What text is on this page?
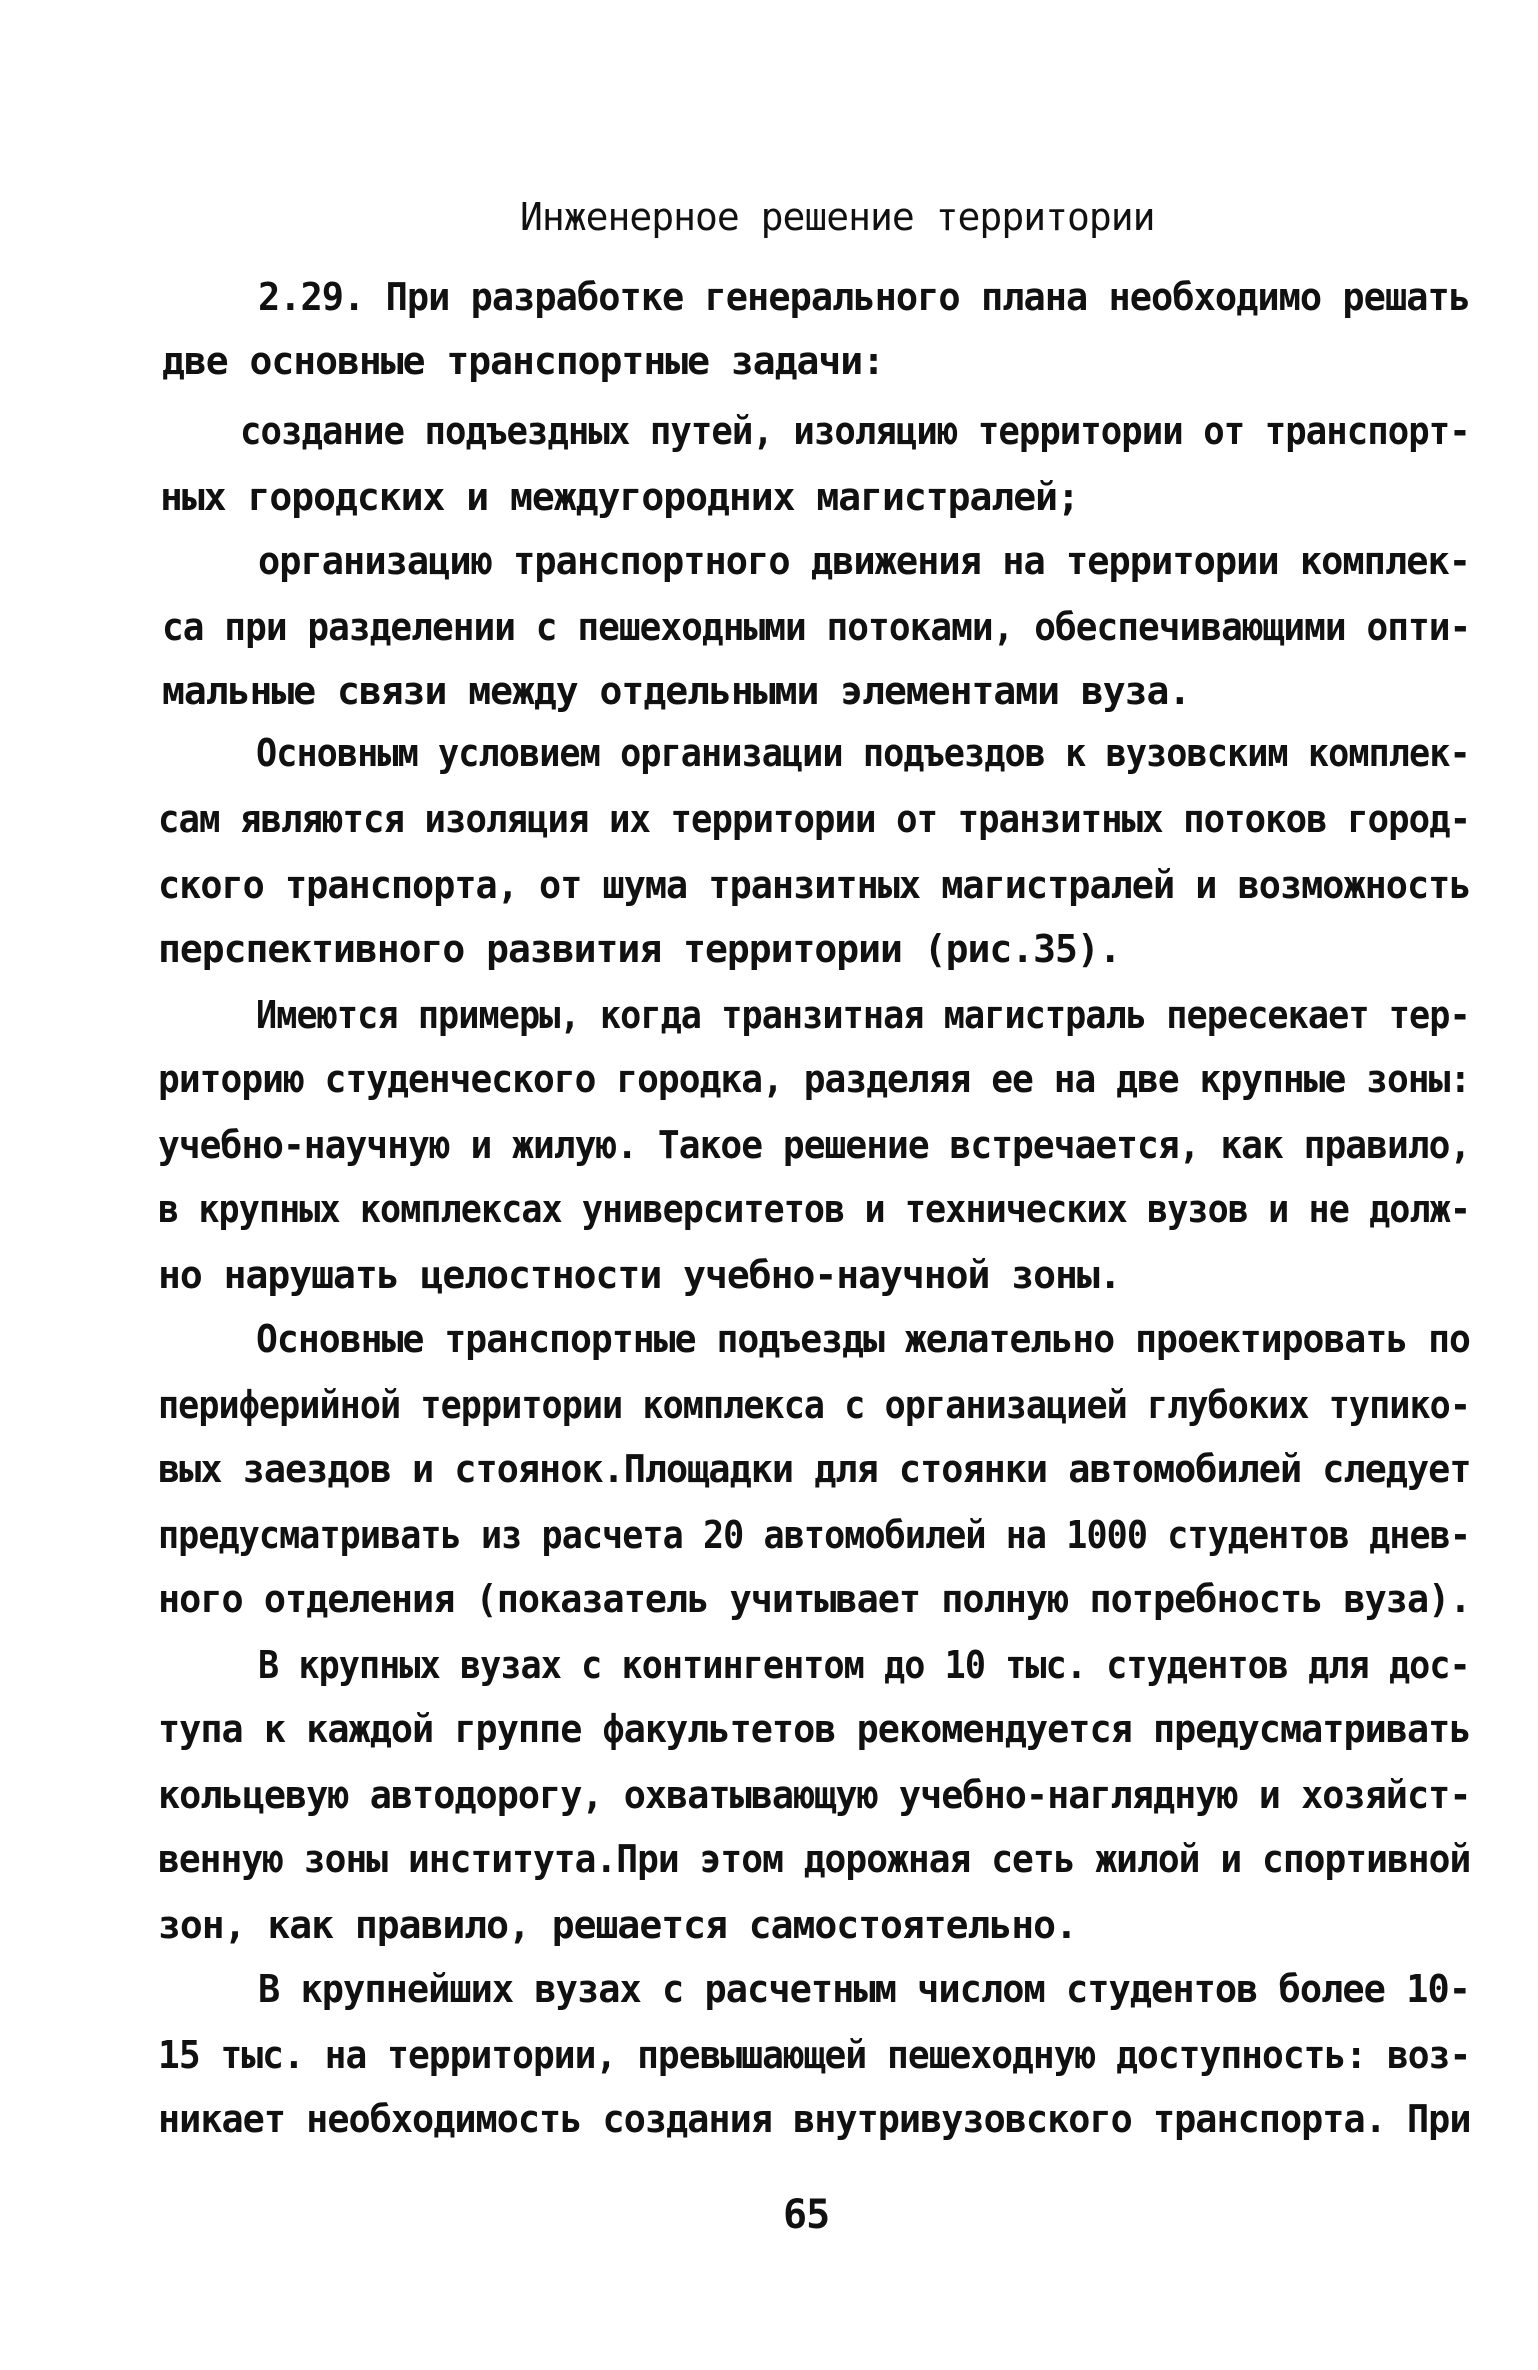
Инженерное решение территории
2.29. При разработке генерального плана необходимо решать
две основные транспортные задачи:
создание подъездных путей, изоляцию территории от транспорт-
ных городских и междугородних магистралей;
организацию транспортного движения на территории комплек-
са при разделении с пешеходными потоками, обеспечивающими опти-
мальные связи между отдельными элементами вуза.
Основным условием организации подъездов к вузовским комплек-
сам являются изоляция их территории от транзитных потоков город-
ского транспорта, от шума транзитных магистралей и возможность
перспективного развития территории (рис.35).
Имеются примеры, когда транзитная магистраль пересекает тер-
риторию студенческого городка, разделяя ее на две крупные зоны:
учебно-научную и жилую. Такое решение встречается, как правило,
в крупных комплексах университетов и технических вузов и не долж-
но нарушать целостности учебно-научной зоны.
Основные транспортные подъезды желательно проектировать по
периферийной территории комплекса с организацией глубоких тупико-
вых заездов и стоянок.Площадки для стоянки автомобилей следует
предусматривать из расчета 20 автомобилей на 1000 студентов днев-
ного отделения (показатель учитывает полную потребность вуза).
В крупных вузах с контингентом до 10 тыс. студентов для дос-
тупа к каждой группе факультетов рекомендуется предусматривать
кольцевую автодорогу, охватывающую учебно-наглядную и хозяйст-
венную зоны института.При этом дорожная сеть жилой и спортивной
зон, как правило, решается самостоятельно.
В крупнейших вузах с расчетным числом студентов более 10-
15 тыс. на территории, превышающей пешеходную доступность: воз-
никает необходимость создания внутривузовского транспорта. При
65
